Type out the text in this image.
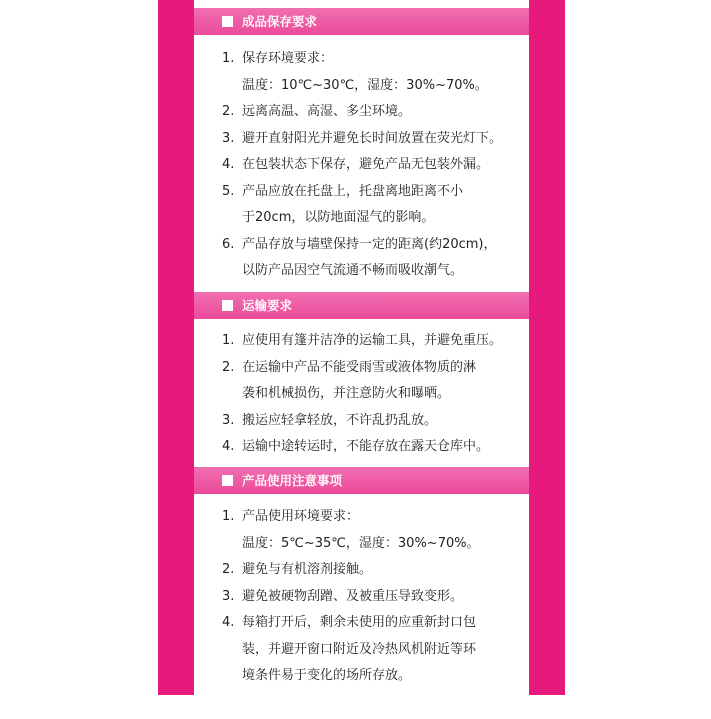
成品保存要求
1. 保存环境要求：
温度：10℃~30℃，湿度：30%~70%。
2. 远离高温、高湿、多尘环境。
3. 避开直射阳光并避免长时间放置在荧光灯下。
4. 在包装状态下保存，避免产品无包装外漏。
5. 产品应放在托盘上，托盘离地距离不小
于20cm，以防地面湿气的影响。
6. 产品存放与墙壁保持一定的距离(约20cm)，
以防产品因空气流通不畅而吸收潮气。
运输要求
1. 应使用有篷并洁净的运输工具，并避免重压。
2. 在运输中产品不能受雨雪或液体物质的淋
袭和机械损伤，并注意防火和曝晒。
3. 搬运应轻拿轻放，不许乱扔乱放。
4. 运输中途转运时，不能存放在露天仓库中。
产品使用注意事项
1. 产品使用环境要求：
温度：5℃~35℃，湿度：30%~70%。
2. 避免与有机溶剂接触。
3. 避免被硬物刮蹭、及被重压导致变形。
4. 每箱打开后，剩余未使用的应重新封口包
装，并避开窗口附近及冷热风机附近等环
境条件易于变化的场所存放。
